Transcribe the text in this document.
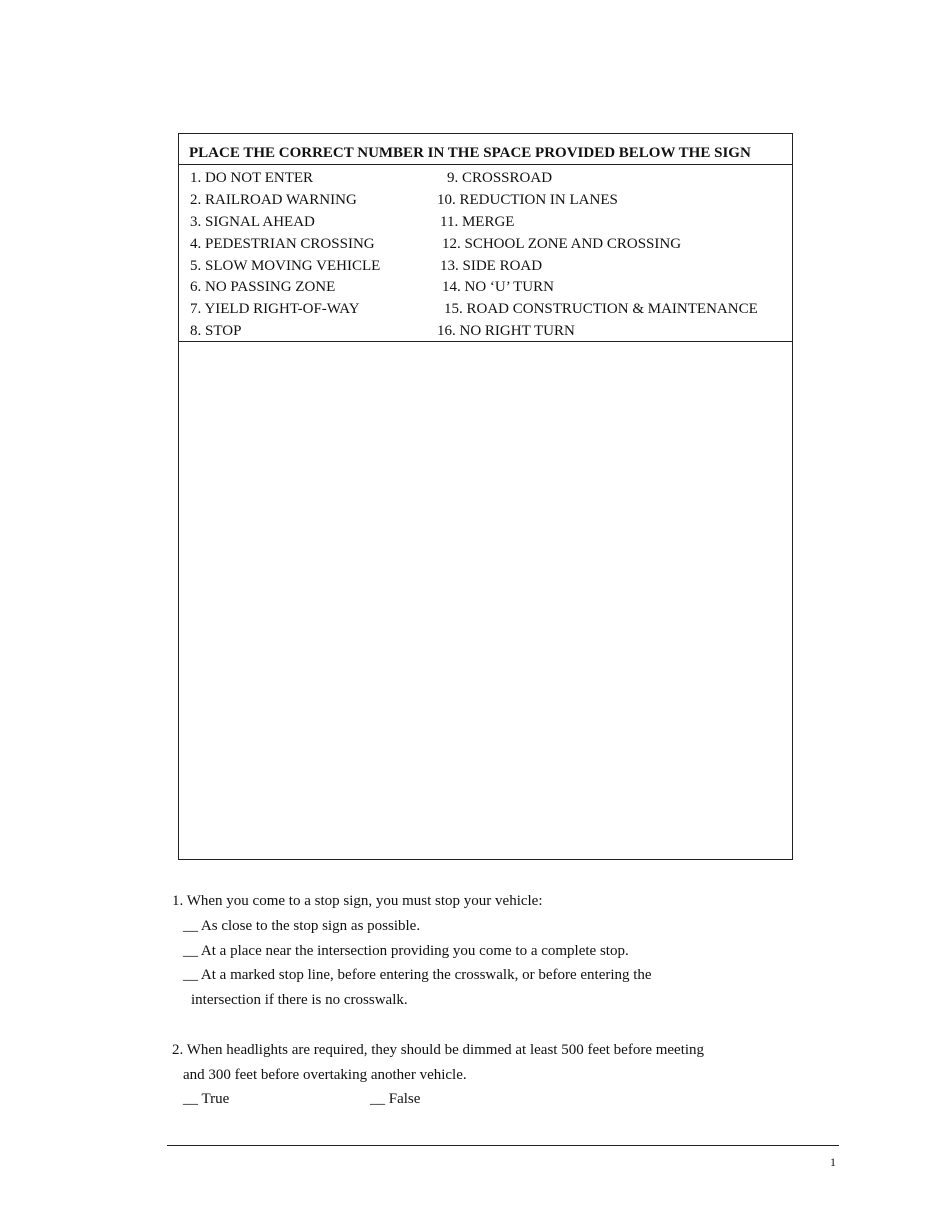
PLACE THE CORRECT NUMBER IN THE SPACE PROVIDED BELOW THE SIGN
1. DO NOT ENTER
2. RAILROAD WARNING
3. SIGNAL AHEAD
4. PEDESTRIAN CROSSING
5. SLOW MOVING VEHICLE
6. NO PASSING ZONE
7. YIELD RIGHT-OF-WAY
8. STOP
9. CROSSROAD
10. REDUCTION IN LANES
11. MERGE
12. SCHOOL ZONE AND CROSSING
13. SIDE ROAD
14. NO ‘U’ TURN
15. ROAD CONSTRUCTION & MAINTENANCE
16. NO RIGHT TURN
1. When you come to a stop sign, you must stop your vehicle:
__ As close to the stop sign as possible.
__ At a place near the intersection providing you come to a complete stop.
__ At a marked stop line, before entering the crosswalk, or before entering the
intersection if there is no crosswalk.
2. When headlights are required, they should be dimmed at least 500 feet before meeting
and 300 feet before overtaking another vehicle.
__ True	__ False
1
